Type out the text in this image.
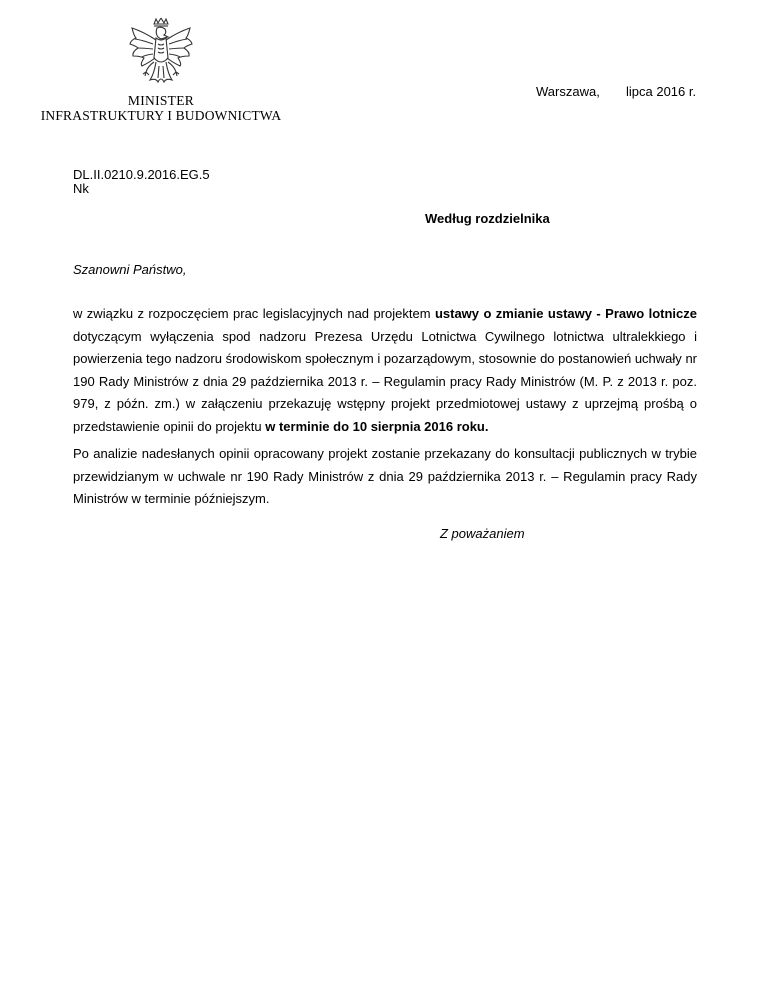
MINISTER
INFRASTRUKTURY I BUDOWNICTWA
Warszawa, lipca 2016 r.
DL.II.0210.9.2016.EG.5
Nk
Według rozdzielnika
Szanowni Państwo,

w związku z rozpoczęciem prac legislacyjnych nad projektem ustawy o zmianie ustawy - Prawo lotnicze dotyczącym wyłączenia spod nadzoru Prezesa Urzędu Lotnictwa Cywilnego lotnictwa ultralekkiego i powierzenia tego nadzoru środowiskom społecznym i pozarządowym, stosownie do postanowień uchwały nr 190 Rady Ministrów z dnia 29 października 2013 r. – Regulamin pracy Rady Ministrów (M. P. z 2013 r. poz. 979, z późn. zm.) w załączeniu przekazuję wstępny projekt przedmiotowej ustawy z uprzejmą prośbą o przedstawienie opinii do projektu w terminie do 10 sierpnia 2016 roku.

Po analizie nadesłanych opinii opracowany projekt zostanie przekazany do konsultacji publicznych w trybie przewidzianym w uchwale nr 190 Rady Ministrów z dnia 29 października 2013 r. – Regulamin pracy Rady Ministrów w terminie późniejszym.

Z poważaniem
